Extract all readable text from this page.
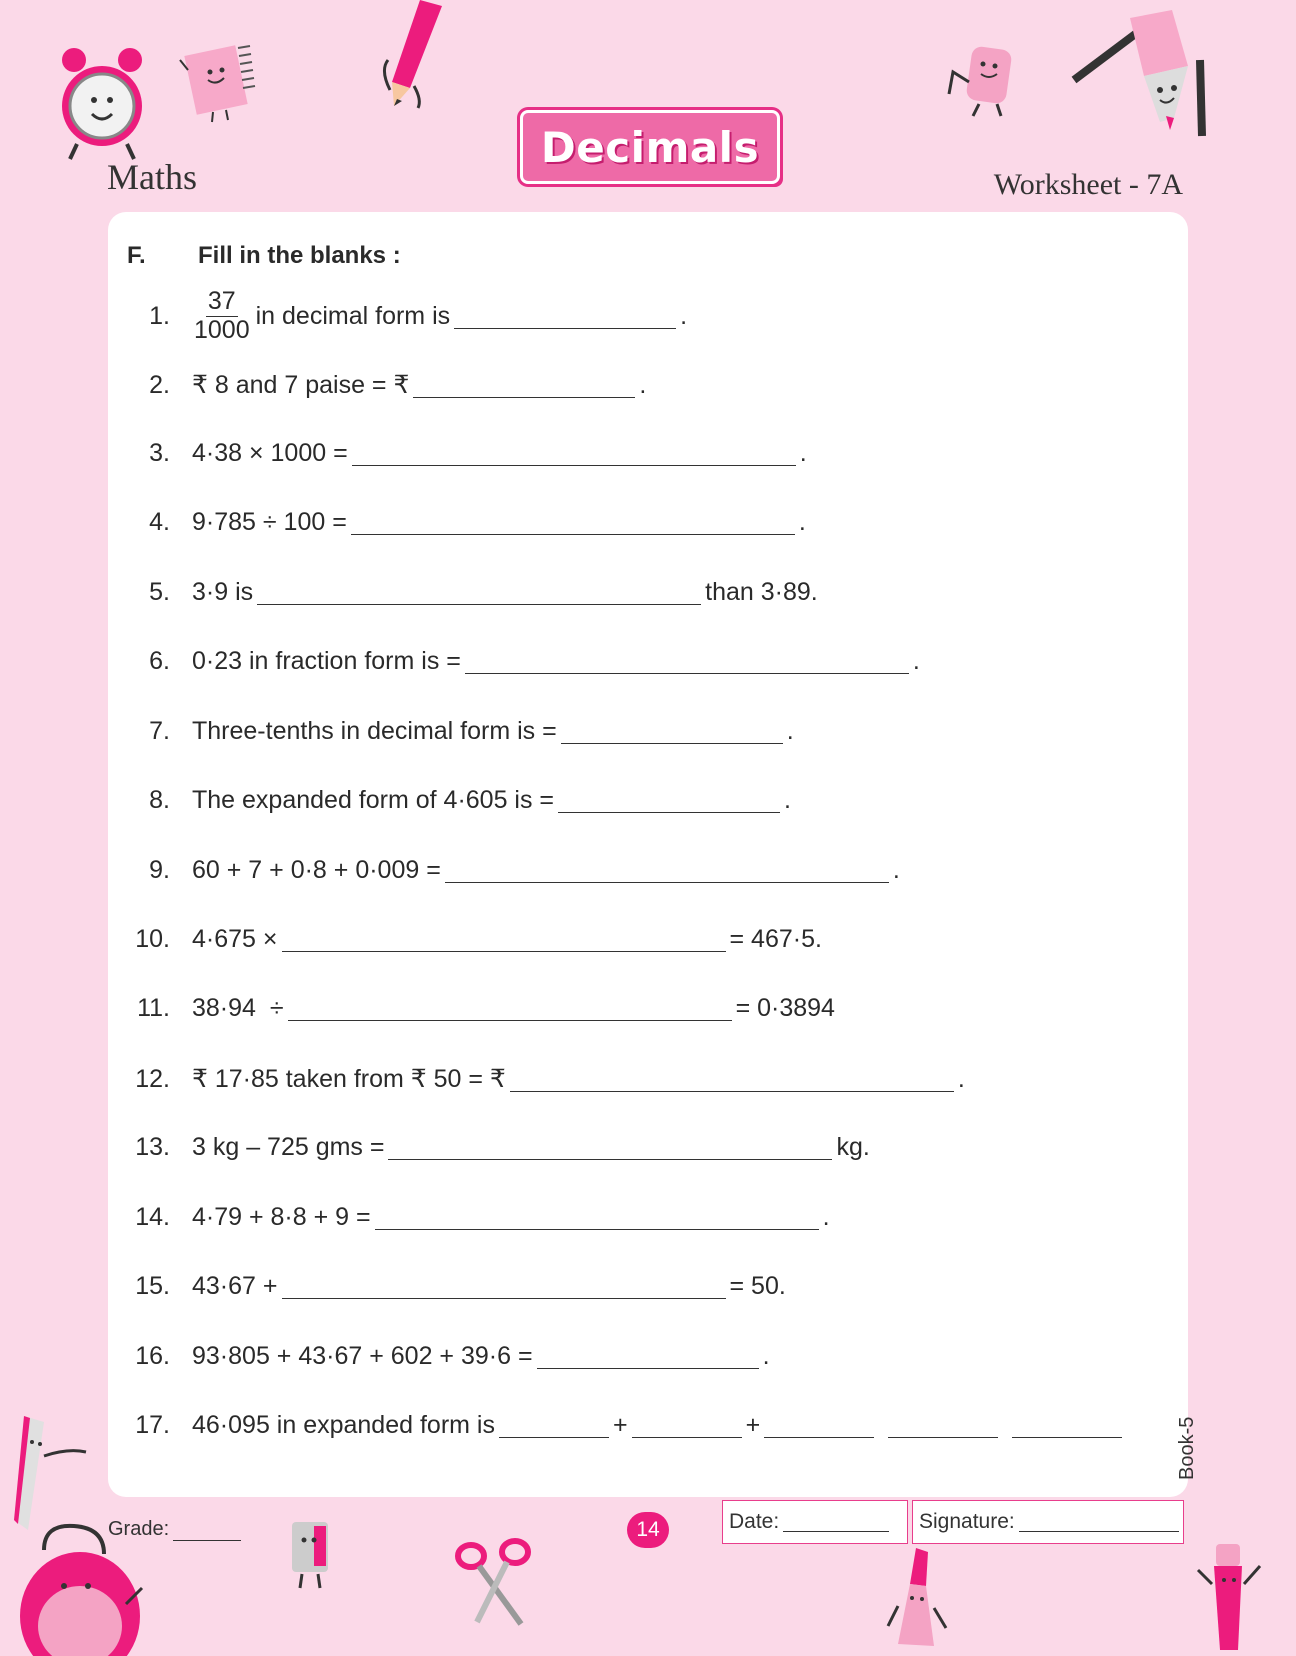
Maths
Decimals
Worksheet - 7A
F. Fill in the blanks :
1. $\frac{37}{1000}$ in decimal form is	.
2. ₹ 8 and 7 paise = ₹	.
3. 4·38 × 1000 =	.
4. 9·785 ÷ 100 =	.
5. 3·9 is	than 3·89.
6. 0·23 in fraction form is =	.
7. Three-tenths in decimal form is =	.
8. The expanded form of 4·605 is =	.
9. 60 + 7 + 0·8 + 0·009 =	.
10. 4·675 ×	= 467·5.
11. 38·94  ÷	= 0·3894
12. ₹ 17·85 taken from ₹ 50 = ₹	.
13. 3 kg – 725 gms =	kg.
14. 4·79 + 8·8 + 9 =	.
15. 43·67 +	= 50.
16. 93·805 + 43·67 + 602 + 39·6 =	.
17. 46·095 in expanded form is	+	+	Book-5
Grade:	14	Date:	Signature:
